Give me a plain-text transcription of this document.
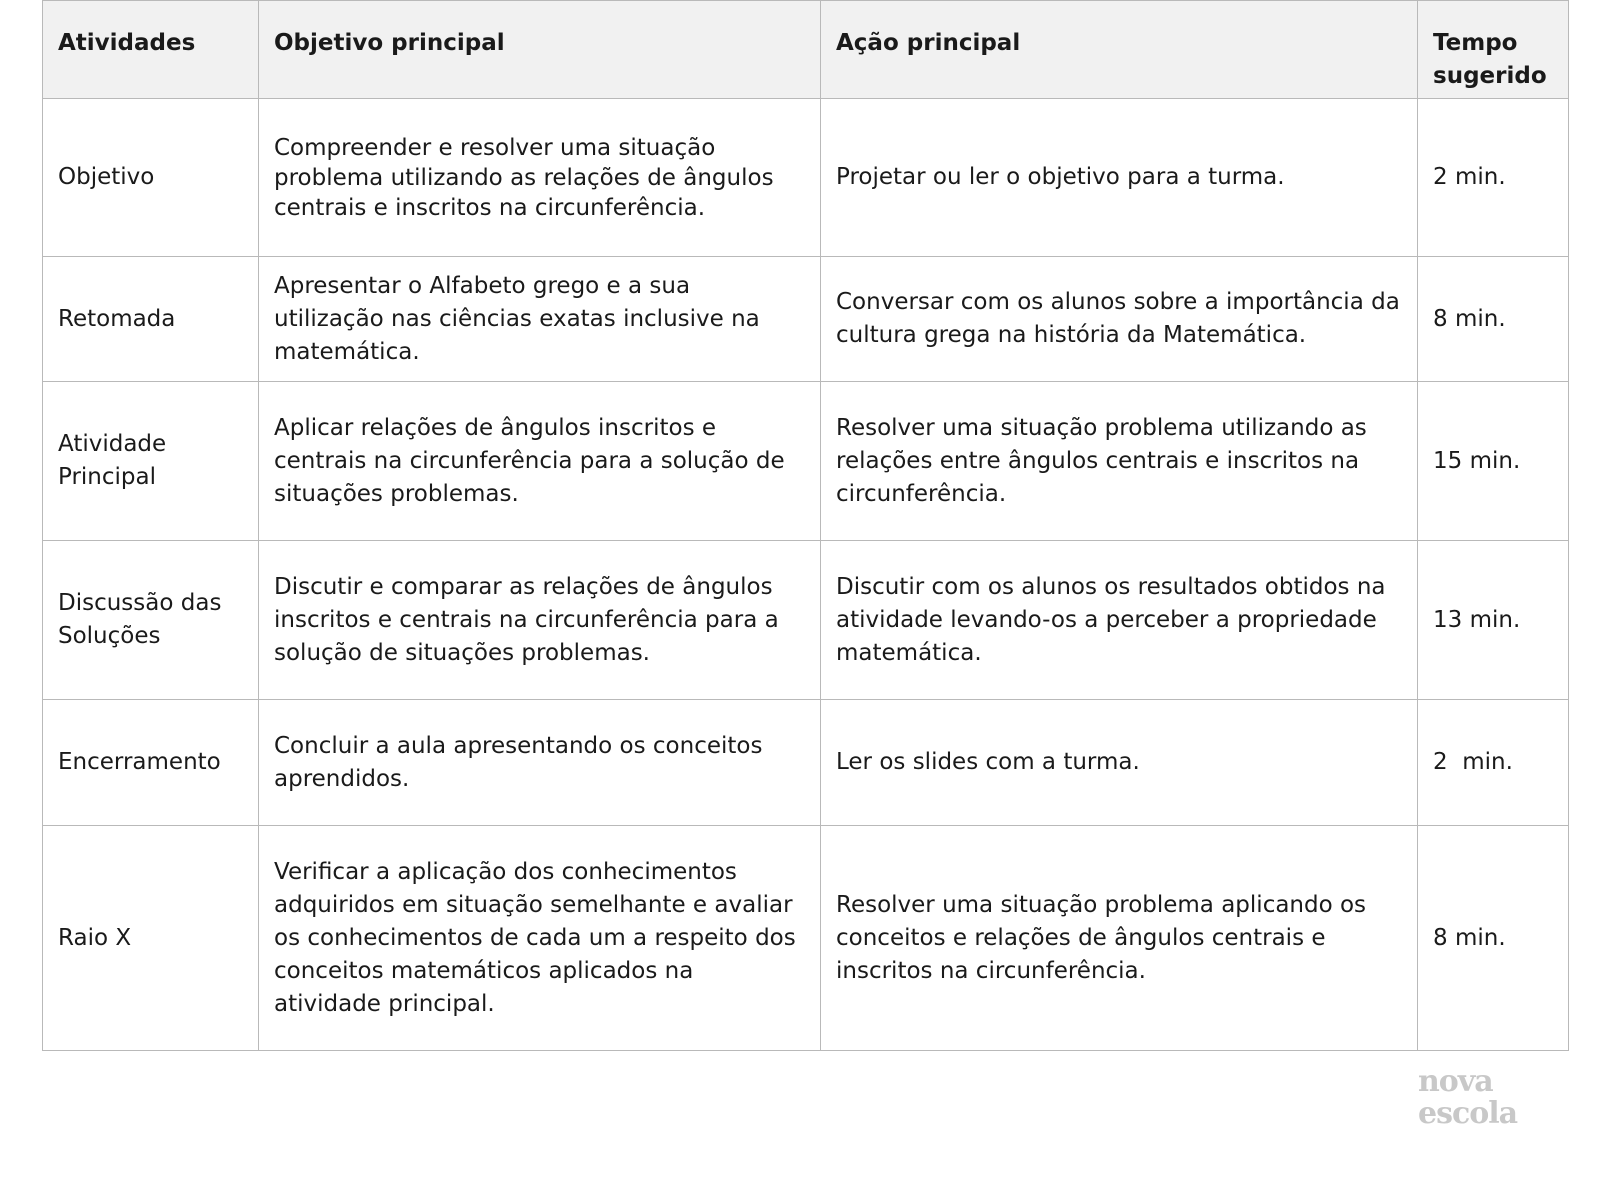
Atividades	Objetivo principal	Ação principal	Tempo sugerido
Objetivo	Compreender e resolver uma situação problema utilizando as relações de ângulos centrais e inscritos na circunferência.	Projetar ou ler o objetivo para a turma.	2 min.
Retomada	Apresentar o Alfabeto grego e a sua utilização nas ciências exatas inclusive na matemática.	Conversar com os alunos sobre a importância da cultura grega na história da Matemática.	8 min.
Atividade Principal	Aplicar relações de ângulos inscritos e centrais na circunferência para a solução de situações problemas.	Resolver uma situação problema utilizando as relações entre ângulos centrais e inscritos na circunferência.	15 min.
Discussão das Soluções	Discutir e comparar as relações de ângulos inscritos e centrais na circunferência para a solução de situações problemas.	Discutir com os alunos os resultados obtidos na atividade levando-os a perceber a propriedade matemática.	13 min.
Encerramento	Concluir a aula apresentando os conceitos aprendidos.	Ler os slides com a turma.	2  min.
Raio X	Verificar a aplicação dos conhecimentos adquiridos em situação semelhante e avaliar os conhecimentos de cada um a respeito dos conceitos matemáticos aplicados na atividade principal.	Resolver uma situação problema aplicando os conceitos e relações de ângulos centrais e inscritos na circunferência.	8 min.
nova
escola
